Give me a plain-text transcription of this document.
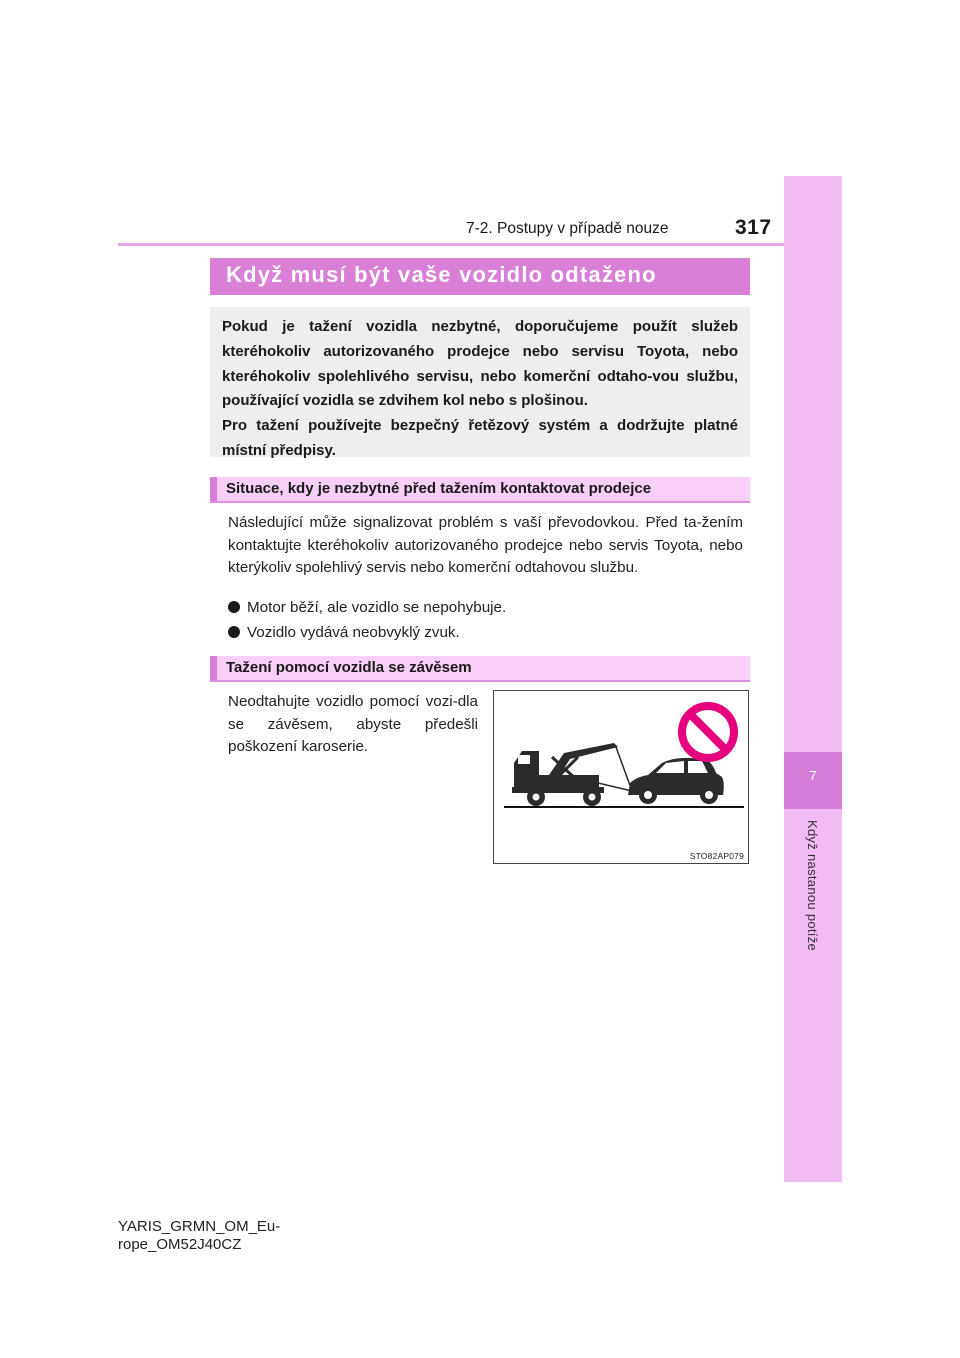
7-2. Postupy v případě nouze	317
7
Když nastanou potíže
Když musí být vaše vozidlo odtaženo

Pokud je tažení vozidla nezbytné, doporučujeme použít služeb kteréhokoliv autorizovaného prodejce nebo servisu Toyota, nebo kteréhokoliv spolehlivého servisu, nebo komerční odtaho-vou službu, používající vozidla se zdvihem kol nebo s plošinou.

Pro tažení používejte bezpečný řetězový systém a dodržujte platné místní předpisy.

Situace, kdy je nezbytné před tažením kontaktovat prodejce
Následující může signalizovat problém s vaší převodovkou. Před ta-žením kontaktujte kteréhokoliv autorizovaného prodejce nebo servis Toyota, nebo kterýkoliv spolehlivý servis nebo komerční odtahovou službu.
Motor běží, ale vozidlo se nepohybuje.
Vozidlo vydává neobvyklý zvuk.
Tažení pomocí vozidla se závěsem
Neodtahujte vozidlo pomocí vozi-dla se závěsem, abyste předešli poškození karoserie.
STO82AP079
YARIS_GRMN_OM_Eu-
rope_OM52J40CZ
